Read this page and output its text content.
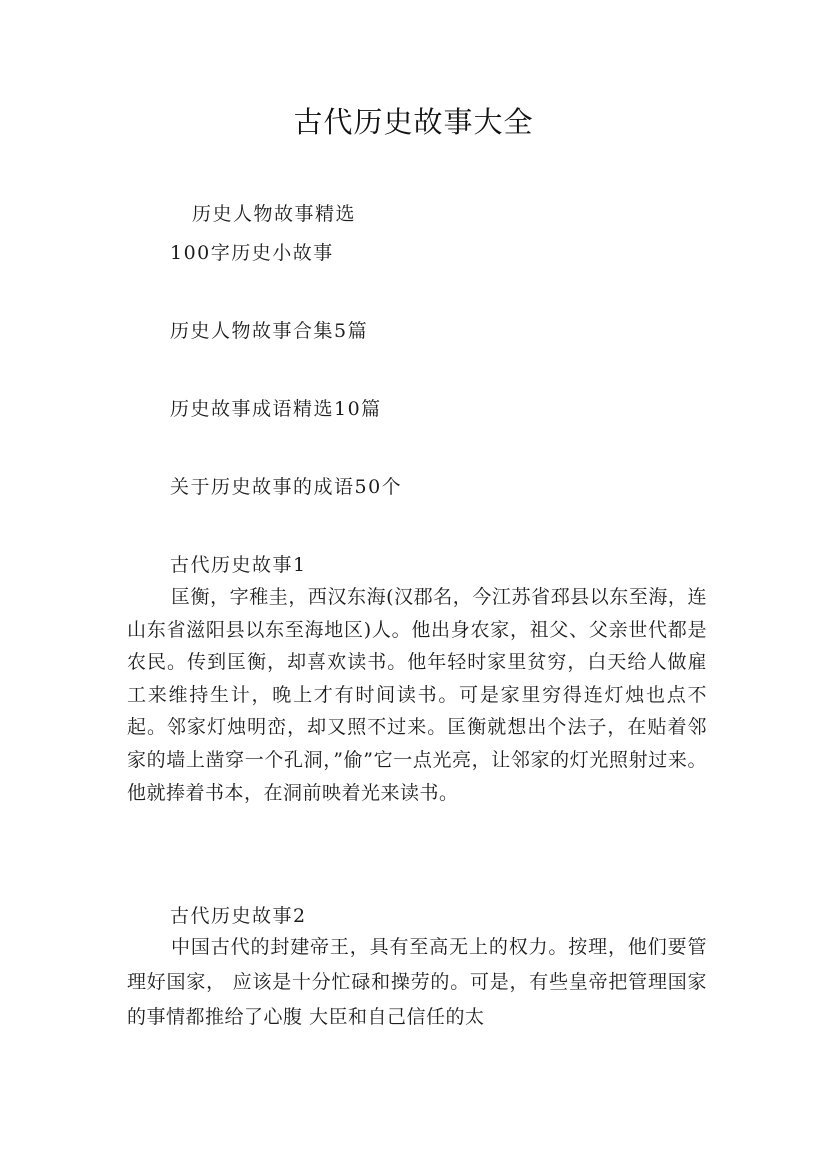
古代历史故事大全
历史人物故事精选
100字历史小故事
历史人物故事合集5篇
历史故事成语精选10篇
关于历史故事的成语50个
古代历史故事1

匡衡，字稚圭，西汉东海(汉郡名，今江苏省邳县以东至海，连山东省滋阳县以东至海地区)人。他出身农家，祖父、父亲世代都是农民。传到匡衡，却喜欢读书。他年轻时家里贫穷，白天给人做雇工来维持生计，晚上才有时间读书。可是家里穷得连灯烛也点不起。邻家灯烛明峦，却又照不过来。匡衡就想出个法子，在贴着邻家的墙上凿穿一个孔洞，”偷”它一点光亮，让邻家的灯光照射过来。他就捧着书本，在洞前映着光来读书。

古代历史故事2

中国古代的封建帝王，具有至高无上的权力。按理，他们要管理好国家， 应该是十分忙碌和操劳的。可是，有些皇帝把管理国家的事情都推给了心腹 大臣和自己信任的太
